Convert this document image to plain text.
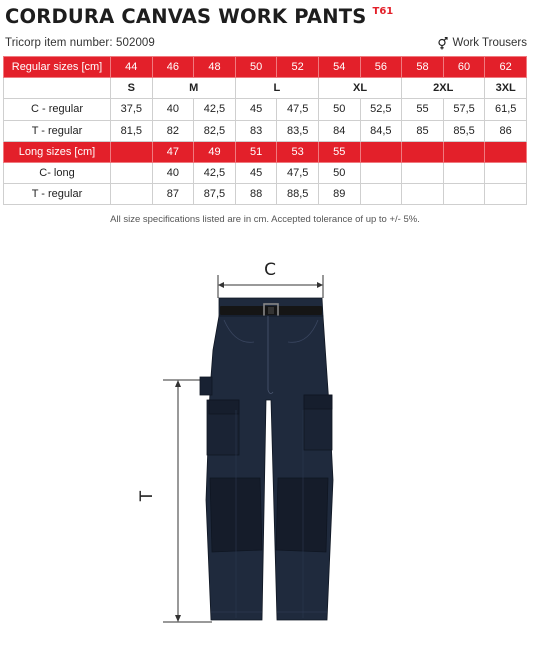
CORDURA CANVAS WORK PANTS T61
Tricorp item number: 502009	Work Trousers
Regular sizes [cm]	44	46	48	50	52	54	56	58	60	62
	S	M		L		XL		2XL		3XL
C - regular	37,5	40	42,5	45	47,5	50	52,5	55	57,5	61,5
T - regular	81,5	82	82,5	83	83,5	84	84,5	85	85,5	86
Long sizes [cm]		47	49	51	53	55				
C- long		40	42,5	45	47,5	50				
T - regular		87	87,5	88	88,5	89				
All size specifications listed are in cm. Accepted tolerance of up to +/- 5%.
C
T
